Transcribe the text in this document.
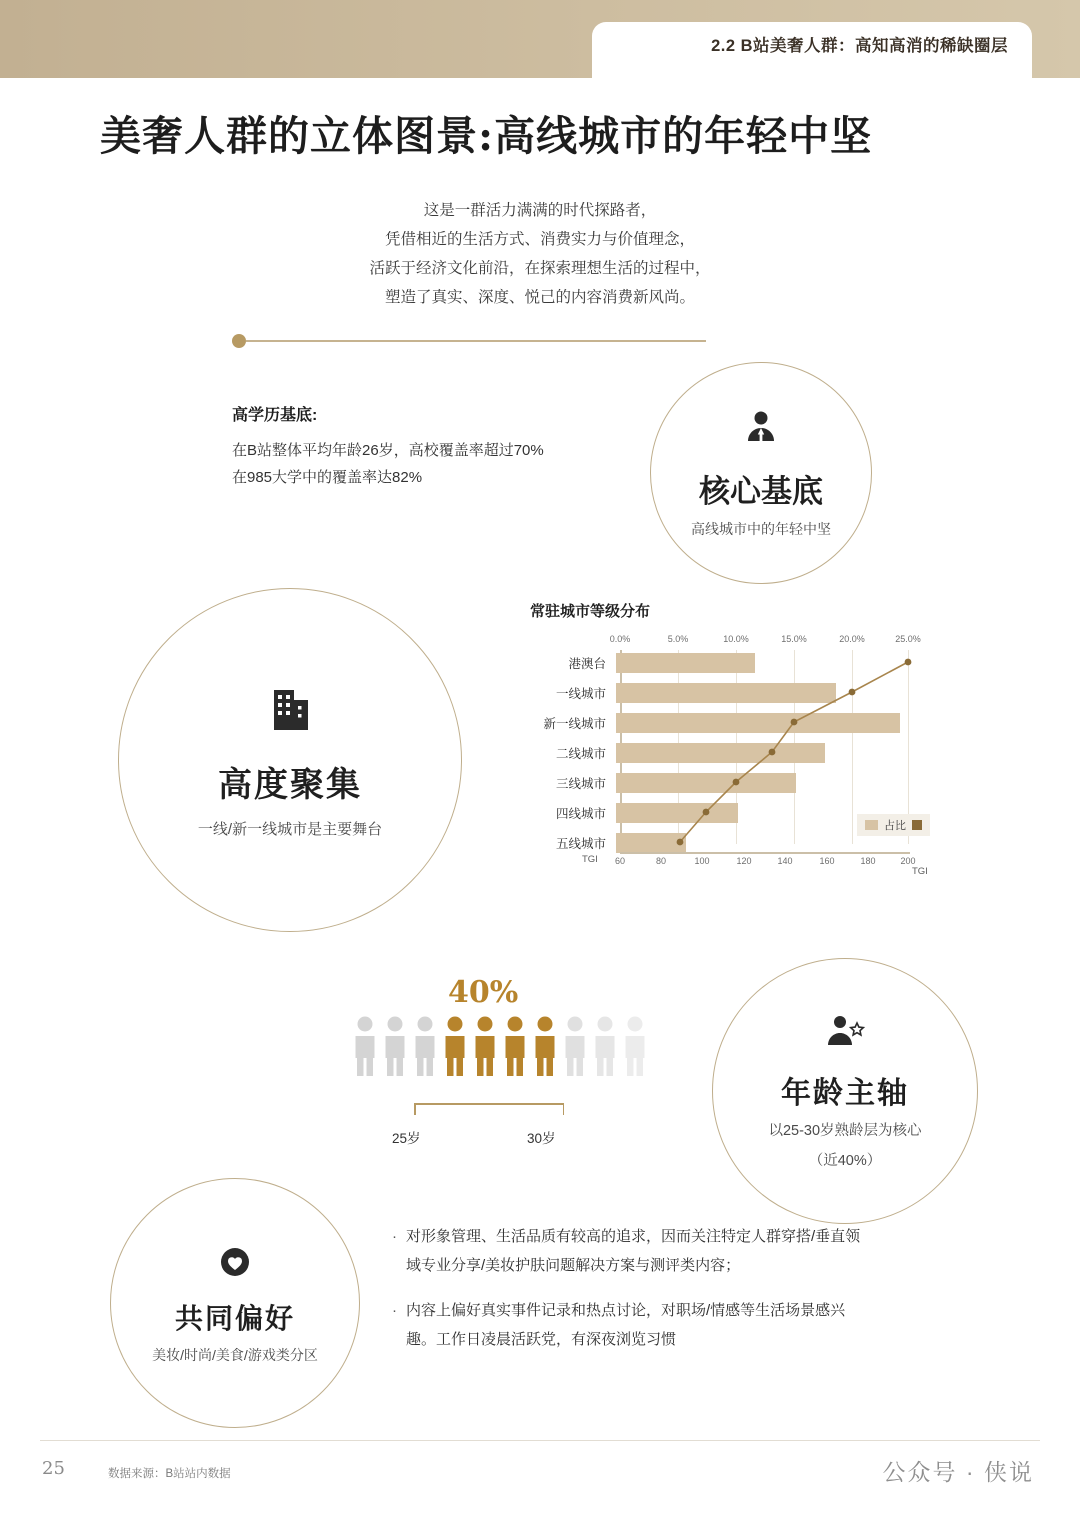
2.2 B站美奢人群：高知高消的稀缺圈层
美奢人群的立体图景:高线城市的年轻中坚
这是一群活力满满的时代探路者，
凭借相近的生活方式、消费实力与价值理念，
活跃于经济文化前沿，在探索理想生活的过程中，
塑造了真实、深度、悦己的内容消费新风尚。
高学历基底:
在B站整体平均年龄26岁，高校覆盖率超过70%
在985大学中的覆盖率达82%	核心基底
高线城市中的年轻中坚
高度聚集
一线/新一线城市是主要舞台
年龄主轴
以25-30岁熟龄层为核心
（近40%）
共同偏好
美妆/时尚/美食/游戏类分区
常驻城市等级分布
0.0%	5.0%	10.0%	15.0%	20.0%	25.0%
港澳台
一线城市
新一线城市
二线城市
三线城市
四线城市
五线城市
占比
TGI 60	80	100	120	140	160	180	200
TGI
40%
25岁	30岁
· 对形象管理、生活品质有较高的追求，因而关注特定人群穿搭/垂直领域专业分享/美妆护肤问题解决方案与测评类内容；
· 内容上偏好真实事件记录和热点讨论，对职场/情感等生活场景感兴趣。工作日凌晨活跃党，有深夜浏览习惯
25	数据来源：B站站内数据	公众号 · 侠说
